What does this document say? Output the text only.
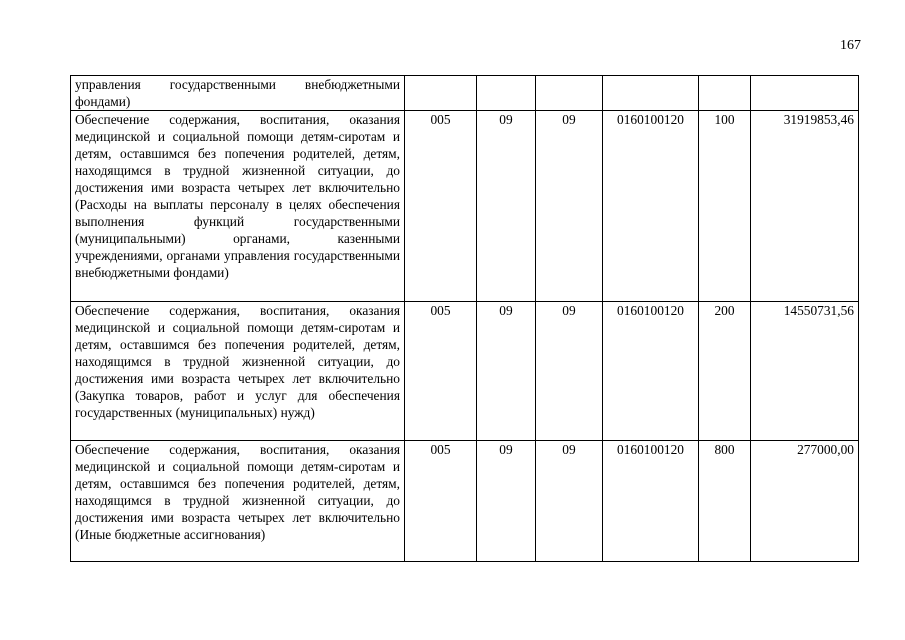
167
управления государственными внебюджетными фондами)						
Обеспечение содержания, воспитания, оказания медицинской и социальной помощи детям-сиротам и детям, оставшимся без попечения родителей, детям, находящимся в трудной жизненной ситуации, до достижения ими возраста четырех лет включительно (Расходы на выплаты персоналу в целях обеспечения выполнения функций государственными (муниципальными) органами, казенными учреждениями, органами управления государственными внебюджетными фондами)	005	09	09	0160100120	100	31919853,46
Обеспечение содержания, воспитания, оказания медицинской и социальной помощи детям-сиротам и детям, оставшимся без попечения родителей, детям, находящимся в трудной жизненной ситуации, до достижения ими возраста четырех лет включительно (Закупка товаров, работ и услуг для обеспечения государственных (муниципальных) нужд)	005	09	09	0160100120	200	14550731,56
Обеспечение содержания, воспитания, оказания медицинской и социальной помощи детям-сиротам и детям, оставшимся без попечения родителей, детям, находящимся в трудной жизненной ситуации, до достижения ими возраста четырех лет включительно (Иные бюджетные ассигнования)	005	09	09	0160100120	800	277000,00
